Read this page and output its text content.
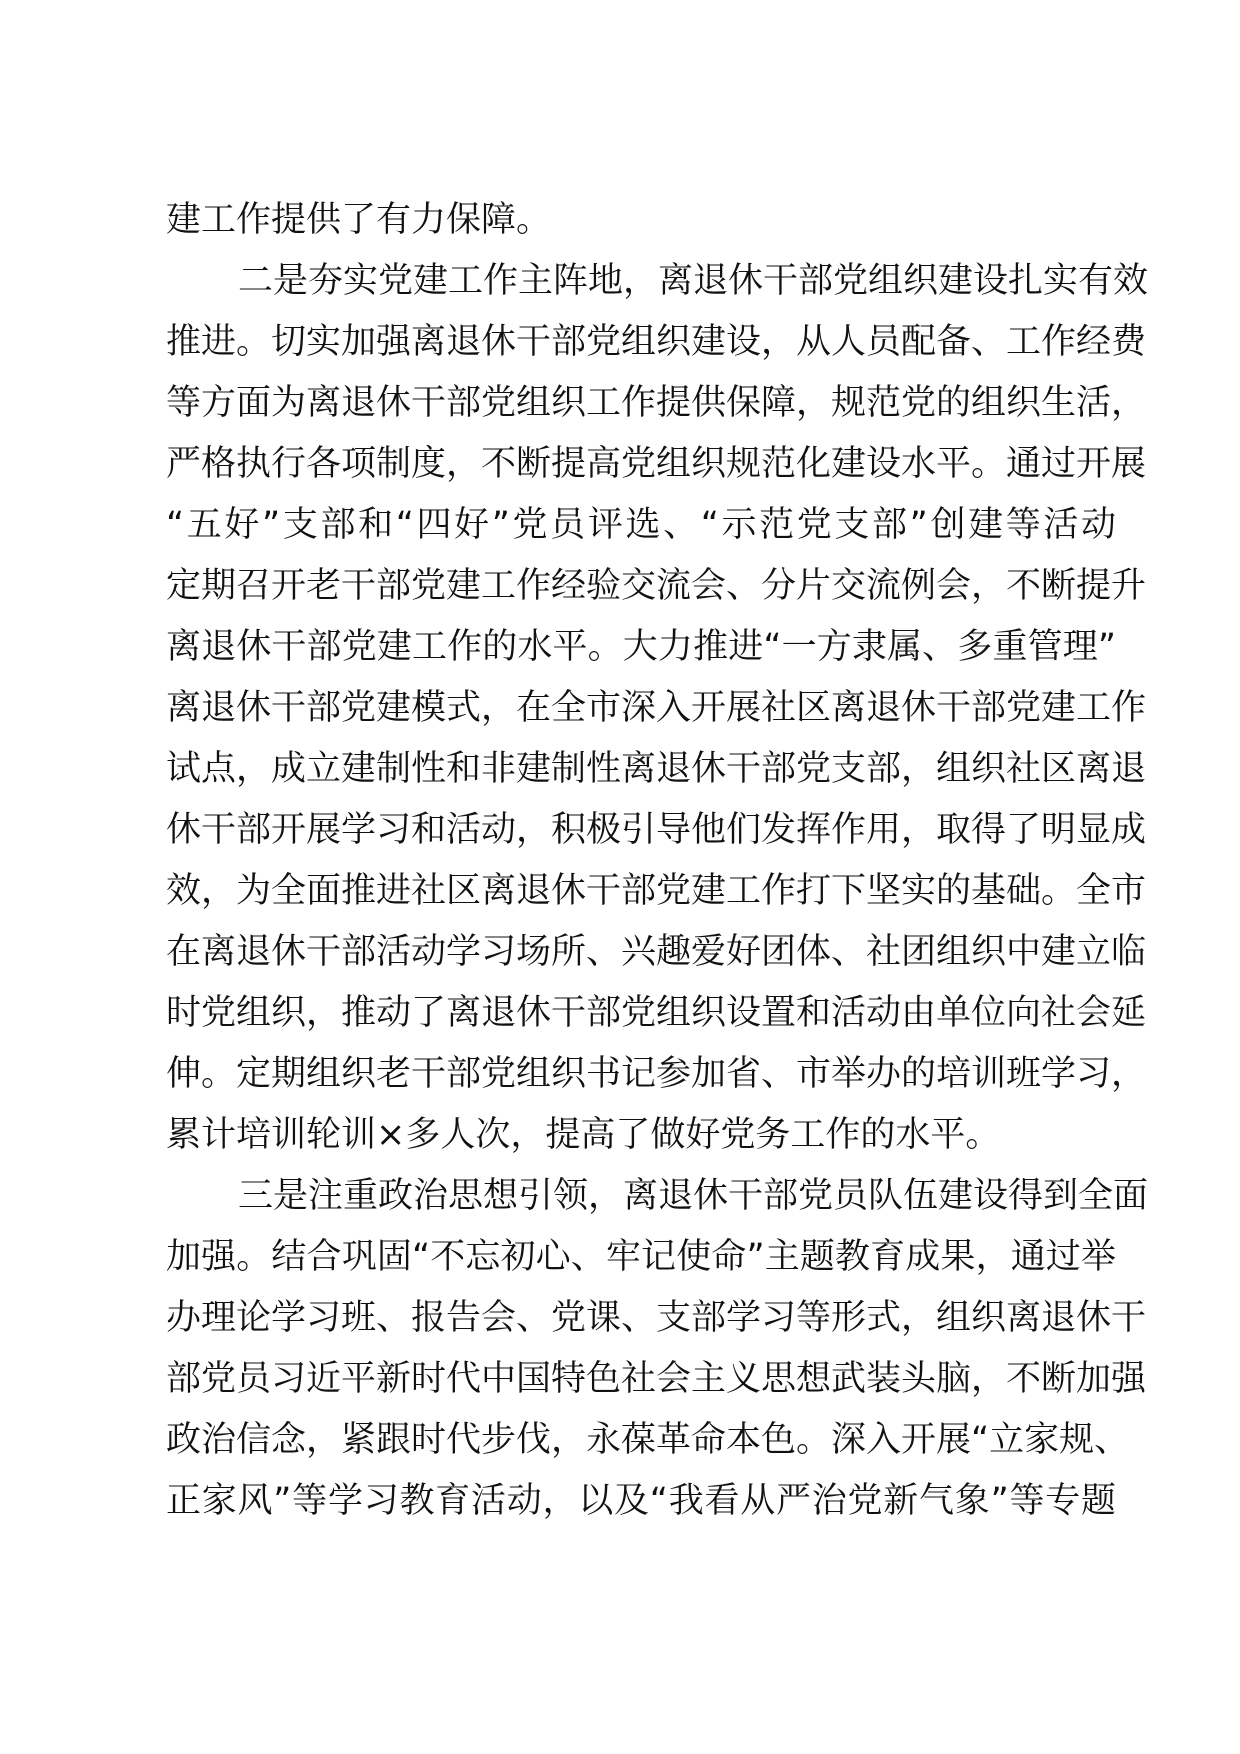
建工作提供了有力保障。
二是夯实党建工作主阵地，离退休干部党组织建设扎实有效
推进。切实加强离退休干部党组织建设，从人员配备、工作经费
等方面为离退休干部党组织工作提供保障，规范党的组织生活，
严格执行各项制度，不断提高党组织规范化建设水平。通过开展
“五好”支部和“四好”党员评选、“示范党支部”创建等活动
定期召开老干部党建工作经验交流会、分片交流例会，不断提升
离退休干部党建工作的水平。大力推进“一方隶属、多重管理”
离退休干部党建模式，在全市深入开展社区离退休干部党建工作
试点，成立建制性和非建制性离退休干部党支部，组织社区离退
休干部开展学习和活动，积极引导他们发挥作用，取得了明显成
效，为全面推进社区离退休干部党建工作打下坚实的基础。全市
在离退休干部活动学习场所、兴趣爱好团体、社团组织中建立临
时党组织，推动了离退休干部党组织设置和活动由单位向社会延
伸。定期组织老干部党组织书记参加省、市举办的培训班学习，
累计培训轮训×多人次，提高了做好党务工作的水平。
三是注重政治思想引领，离退休干部党员队伍建设得到全面
加强。结合巩固“不忘初心、牢记使命”主题教育成果，通过举
办理论学习班、报告会、党课、支部学习等形式，组织离退休干
部党员习近平新时代中国特色社会主义思想武装头脑，不断加强
政治信念，紧跟时代步伐，永葆革命本色。深入开展“立家规、
正家风”等学习教育活动，以及“我看从严治党新气象”等专题
